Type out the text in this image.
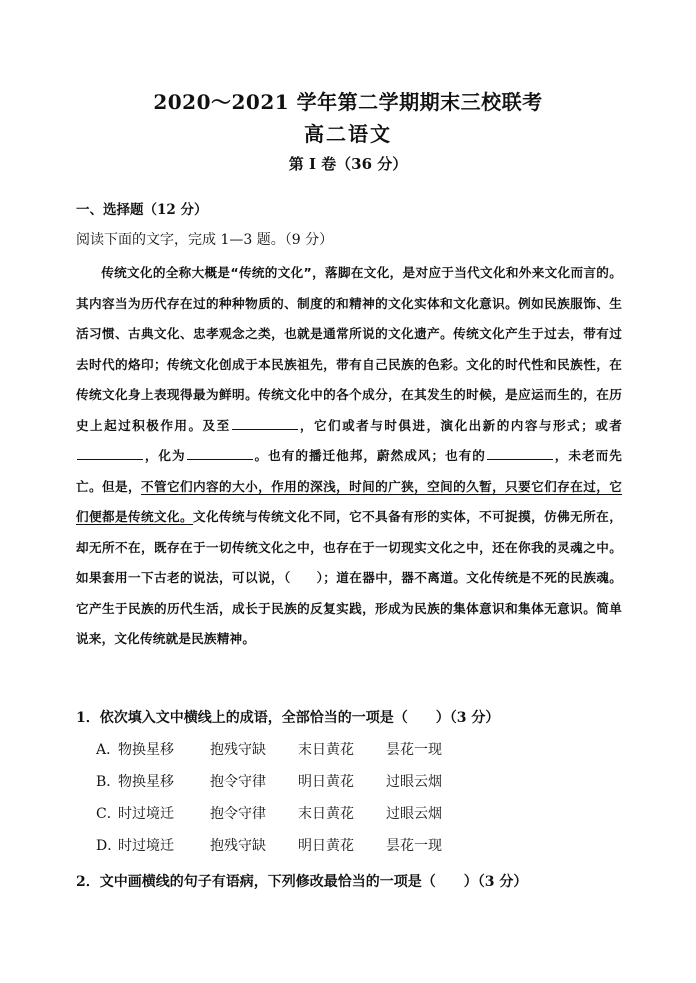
2020～2021 学年第二学期期末三校联考
高二语文
第 I 卷（36 分）
一、选择题（12 分）
阅读下面的文字，完成 1—3 题。（9 分）

传统文化的全称大概是“传统的文化”，落脚在文化，是对应于当代文化和外来文化而言的。其内容当为历代存在过的种种物质的、制度的和精神的文化实体和文化意识。例如民族服饰、生活习惯、古典文化、忠孝观念之类，也就是通常所说的文化遗产。传统文化产生于过去，带有过去时代的烙印；传统文化创成于本民族祖先，带有自己民族的色彩。文化的时代性和民族性，在传统文化身上表现得最为鲜明。传统文化中的各个成分，在其发生的时候，是应运而生的，在历史上起过积极作用。及至	，它们或者与时俱进，演化出新的内容与形式；或者，化为	。也有的播迁他邦，蔚然成风；也有的	，未老而先亡。但是，不管它们内容的大小，作用的深浅，时间的广狭，空间的久暂，只要它们存在过，它们便都是传统文化。文化传统与传统文化不同，它不具备有形的实体，不可捉摸，仿佛无所在，却无所不在，既存在于一切传统文化之中，也存在于一切现实文化之中，还在你我的灵魂之中。如果套用一下古老的说法，可以说，（　　）；道在器中，器不离道。文化传统是不死的民族魂。它产生于民族的历代生活，成长于民族的反复实践，形成为民族的集体意识和集体无意识。简单说来，文化传统就是民族精神。

1．依次填入文中横线上的成语，全部恰当的一项是（　　）（3 分）
A．
物换星移	抱残守缺	末日黄花	昙花一现
B．
物换星移	抱令守律	明日黄花	过眼云烟
C．
时过境迁	抱令守律	末日黄花	过眼云烟
D．
时过境迁	抱残守缺	明日黄花	昙花一现
2．文中画横线的句子有语病，下列修改最恰当的一项是（　　）（3 分）
